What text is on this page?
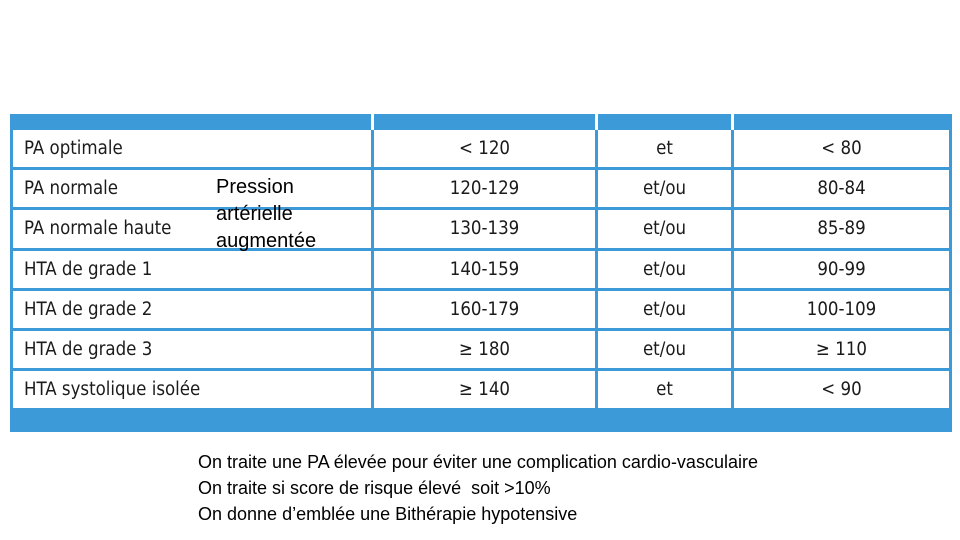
PA optimale	< 120	et	< 80
PA normale	120-129	et/ou	80-84
PA normale haute	130-139	et/ou	85-89
HTA de grade 1	140-159	et/ou	90-99
HTA de grade 2	160-179	et/ou	100-109
HTA de grade 3	≥ 180	et/ou	≥ 110
HTA systolique isolée	≥ 140	et	< 90
Pression
artérielle
augmentée
On traite une PA élevée pour éviter une complication cardio-vasculaire
On traite si score de risque élevé  soit >10%
On donne d’emblée une Bithérapie hypotensive
